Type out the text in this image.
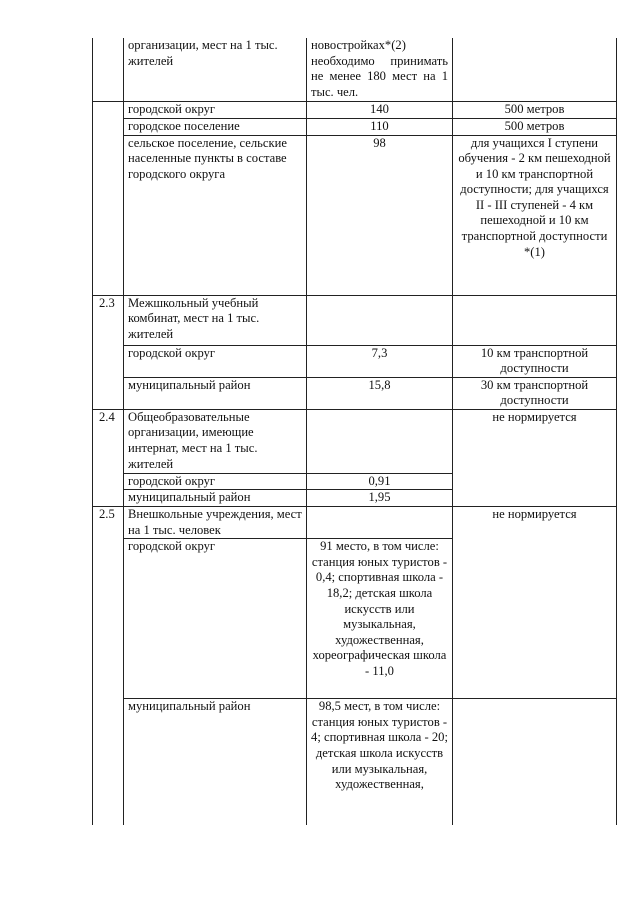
	организации, мест на 1 тыс. жителей	новостройках*(2) необходимо принимать не менее 180 мест на 1 тыс. чел.	
	городской округ	140	500 метров
	городское поселение	110	500 метров
	сельское поселение, сельские населенные пункты в составе городского округа	98	для учащихся I ступени обучения - 2 км пешеходной и 10 км транспортной доступности; для учащихся II - III ступеней - 4 км пешеходной и 10 км транспортной доступности *(1)
2.3	Межшкольный учебный комбинат, мест на 1 тыс. жителей		
	городской округ	7,3	10 км транспортной доступности
	муниципальный район	15,8	30 км транспортной доступности
2.4	Общеобразовательные организации, имеющие интернат, мест на 1 тыс. жителей		не нормируется
	городской округ	0,91	
	муниципальный район	1,95	
2.5	Внешкольные учреждения, мест на 1 тыс. человек		не нормируется
	городской округ	91 место, в том числе: станция юных туристов - 0,4; спортивная школа - 18,2; детская школа искусств или музыкальная, художественная, хореографическая школа - 11,0	
	муниципальный район	98,5 мест, в том числе: станция юных туристов - 4; спортивная школа - 20; детская школа искусств или музыкальная, художественная,	
